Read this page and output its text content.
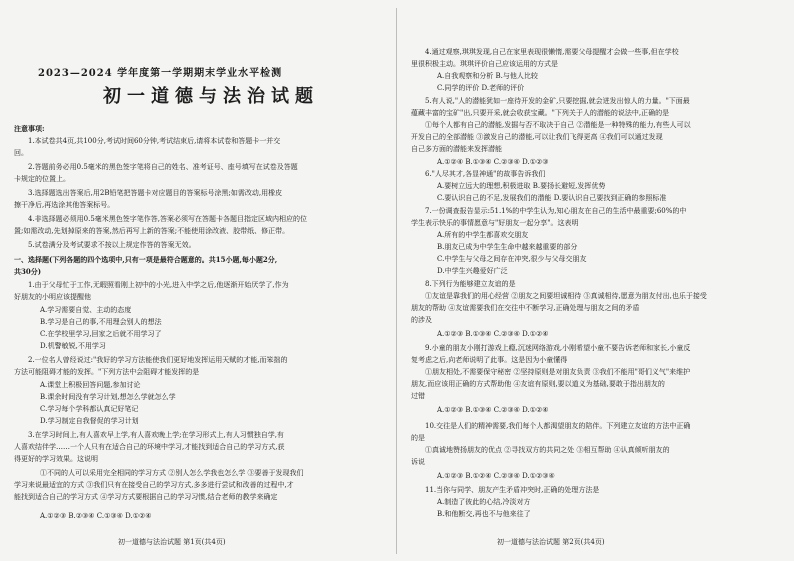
2023—2024 学年度第一学期期末学业水平检测
初一道德与法治试题
注意事项:
1.本试卷共4页,共100分,考试时间60分钟,考试结束后,请将本试卷和答题卡一并交
回。
2.答题前务必用0.5毫米的黑色签字笔将自己的姓名、准考证号、座号填写在试卷及答题
卡规定的位置上。
3.选择题选出答案后,用2B铅笔把答题卡对应题目的答案标号涂黑;如需改动,用橡皮
擦干净后,再选涂其他答案标号。
4.非选择题必须用0.5毫米黑色签字笔作答,答案必须写在答题卡各题目指定区域内相应的位
置;如需改动,先划掉原来的答案,然后再写上新的答案;不能使用涂改液、胶带纸、修正带。
5.试卷满分及考试要求不按以上规定作答的答案无效。
一、选择题(下列各题的四个选项中,只有一项是最符合题意的。共15小题,每小题2分,
共30分)
1.由于父母忙于工作,无暇照看刚上初中的小光,进入中学之后,他逐渐开始厌学了,作为
好朋友的小明应该提醒他
A.学习需要自觉、主动的态度
B.学习是自己的事,不用理会别人的想法
C.在学校里学习,回家之后就不用学习了
D.机警敏锐,不用学习
2.一位名人曾经说过:"我好的学习方法能使我们更好地发挥运用天赋的才能,而笨拙的
方法可能阻碍才能的发挥。"下列方法中会阻碍才能发挥的是
A.课堂上积极回答问题,参加讨论
B.课余时间没有学习计划,想怎么学就怎么学
C.学习每个学科都认真记好笔记
D.学习制定自我督促的学习计划
3.在学习时间上,有人喜欢早上学,有人喜欢晚上学;在学习形式上,有人习惯独自学,有
人喜欢结伴学……一个人只有在适合自己的环境中学习,才能找到适合自己的学习方式,获
得更好的学习效果。这说明
①不同的人可以采用完全相同的学习方式 ②别人怎么学我也怎么学 ③要善于发现我们
学习来说最适宜的方式 ③我们只有在接受自己的学习方式,多多进行尝试和改善的过程中,才
能找到适合自己的学习方式 ④学习方式要根据自己的学习习惯,结合老师的教学来确定
A.①②③ B.②③④ C.①③④ D.①②④
初一道德与法治试题 第1页(共4页)
4.通过观察,琪琪发现,自己在家里表现很懒惰,需要父母提醒才会做一些事,但在学校
里很积极主动。琪琪评价自己应该运用的方式是
A.自我观察和分析 B.与他人比较
C.同学的评价 D.老师的评价
5.有人说,"人的潜能犹如一座待开发的金矿,只要挖掘,就会迸发出惊人的力量。"下面最
蕴藏丰富的宝矿"出,只要开采,就会收获宝藏。"下列关于人的潜能的说法中,正确的是
①每个人都有自己的潜能,发掘与否不取决于自己 ②潜能是一种特殊的能力,有些人可以
开发自己的全部潜能 ③激发自己的潜能,可以让我们飞得更高 ④我们可以通过发现
自己多方面的潜能来发挥潜能
A.①②④ B.①③④ C.②③④ D.①②③
6."人尽其才,各显神通"的故事告诉我们
A.要树立远大的理想,积极进取 B.要扬长避短,发挥优势
C.要认识自己的不足,发展我们的潜能 D.要认识自己要找到正确的参照标准
7.一份调查报告显示:51.1%的中学生认为,知心朋友在自己的生活中最重要;60%的中
学生表示快乐的事情愿意与"好朋友一起分享"。这表明
A.所有的中学生都喜欢交朋友
B.朋友已成为中学生生命中越来越重要的部分
C.中学生与父母之间存在冲突,很少与父母交朋友
D.中学生兴趣爱好广泛
8.下列行为能够建立友谊的是
①友谊是靠我们的用心经营 ②朋友之间要坦诚相待 ③真诚相待,愿意为朋友付出,也乐于接受
朋友的帮助 ④友谊需要我们在交往中不断学习,正确处理与朋友之间的矛盾
的涉及
A.①②③ B.①③④ C.②③④ D.①②④
9.小童的朋友小刚打游戏上瘾,沉迷网络游戏,小刚希望小童不要告诉老师和家长,小童反
复考虑之后,向老师说明了此事。这是因为小童懂得
①朋友相处,不需要保守秘密 ②坚持原则是对朋友负责 ③我们不能用"哥们义气"来维护
朋友,而应该用正确的方式帮助他 ④友谊有原则,要以道义为基础,要敢于指出朋友的
过错
A.①②③ B.①③④ C.②③④ D.①②④
10.交往是人们的精神需要,我们每个人都渴望朋友的陪伴。下列建立友谊的方法中正确
的是
①真诚地赞扬朋友的优点 ②寻找双方的共同之处 ③相互帮助 ④认真倾听朋友的
诉说
A.①②③ B.①②④ C.②③④ D.①②③④
11.当你与同学、朋友产生矛盾冲突时,正确的处理方法是
A.制造了彼此的心结,冷淡对方
B.和他断交,再也不与他来往了
初一道德与法治试题 第2页(共4页)
